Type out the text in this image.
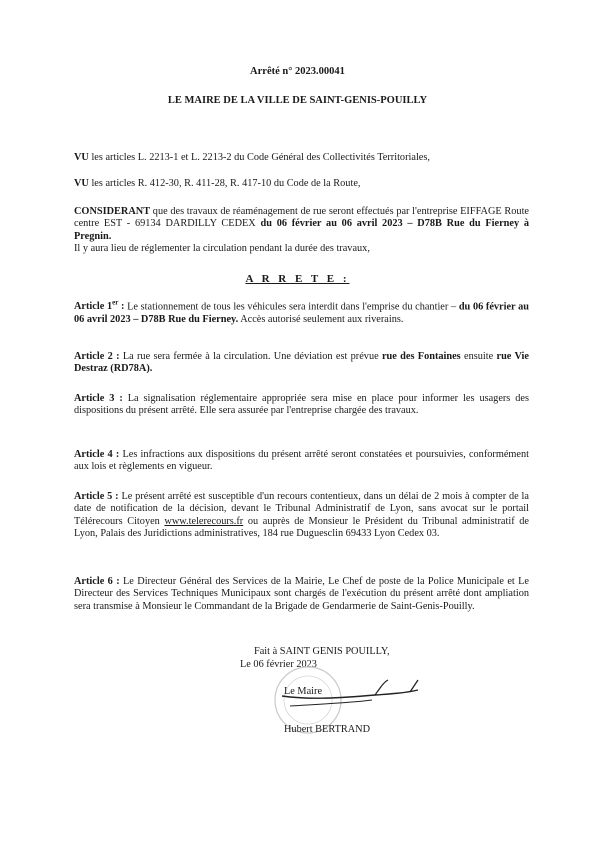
Arrêté n° 2023.00041
LE MAIRE DE LA VILLE DE SAINT-GENIS-POUILLY

VU les articles L. 2213-1 et L. 2213-2 du Code Général des Collectivités Territoriales,

VU les articles R. 412-30, R. 411-28, R. 417-10 du Code de la Route,

CONSIDERANT que des travaux de réaménagement de rue seront effectués par l'entreprise EIFFAGE Route centre EST - 69134 DARDILLY CEDEX du 06 février au 06 avril 2023 – D78B Rue du Fierney à Pregnin.

Il y aura lieu de réglementer la circulation pendant la durée des travaux,

A R R E T E :

Article 1er : Le stationnement de tous les véhicules sera interdit dans l'emprise du chantier – du 06 février au 06 avril 2023 – D78B Rue du Fierney. Accès autorisé seulement aux riverains.

Article 2 : La rue sera fermée à la circulation. Une déviation est prévue rue des Fontaines ensuite rue Vie Destraz (RD78A).

Article 3 : La signalisation réglementaire appropriée sera mise en place pour informer les usagers des dispositions du présent arrêté. Elle sera assurée par l'entreprise chargée des travaux.

Article 4 : Les infractions aux dispositions du présent arrêté seront constatées et poursuivies, conformément aux lois et règlements en vigueur.

Article 5 : Le présent arrêté est susceptible d'un recours contentieux, dans un délai de 2 mois à compter de la date de notification de la décision, devant le Tribunal Administratif de Lyon, sans avocat sur le portail Télérecours Citoyen www.telerecours.fr ou auprès de Monsieur le Président du Tribunal administratif de Lyon, Palais des Juridictions administratives, 184 rue Duguesclin 69433 Lyon Cedex 03.

Article 6 : Le Directeur Général des Services de la Mairie, Le Chef de poste de la Police Municipale et Le Directeur des Services Techniques Municipaux sont chargés de l'exécution du présent arrêté dont ampliation sera transmise à Monsieur le Commandant de la Brigade de Gendarmerie de Saint-Genis-Pouilly.

Fait à SAINT GENIS POUILLY,
Le 06 février 2023
Le Maire
Hubert BERTRAND
